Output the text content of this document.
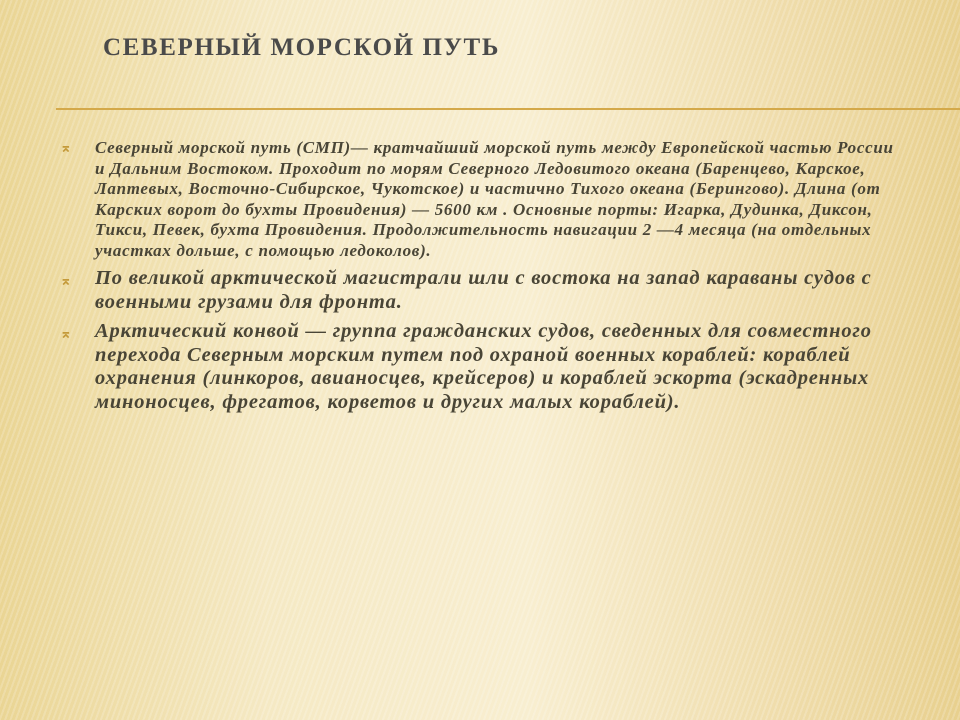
СЕВЕРНЫЙ МОРСКОЙ ПУТЬ
⌅ Северный морской путь (СМП)— кратчайший морской путь между Европейской частью России и Дальним Востоком. Проходит по морям Северного Ледовитого океана (Баренцево, Карское, Лаптевых, Восточно-Сибирское, Чукотское) и частично Тихого океана (Берингово). Длина (от Карских ворот до бухты Провидения) — 5600 км . Основные порты: Игарка, Дудинка, Диксон, Тикси, Певек, бухта Провидения. Продолжительность навигации 2 —4 месяца (на отдельных участках дольше, с помощью ледоколов).
⌅ По великой арктической магистрали шли с востока на запад караваны судов с военными грузами для фронта.
⌅ Арктический конвой — группа гражданских судов, сведенных для совместного перехода Северным морским путем под охраной военных кораблей: кораблей охранения (линкоров, авианосцев, крейсеров) и кораблей эскорта (эскадренных миноносцев, фрегатов, корветов и других малых кораблей).
